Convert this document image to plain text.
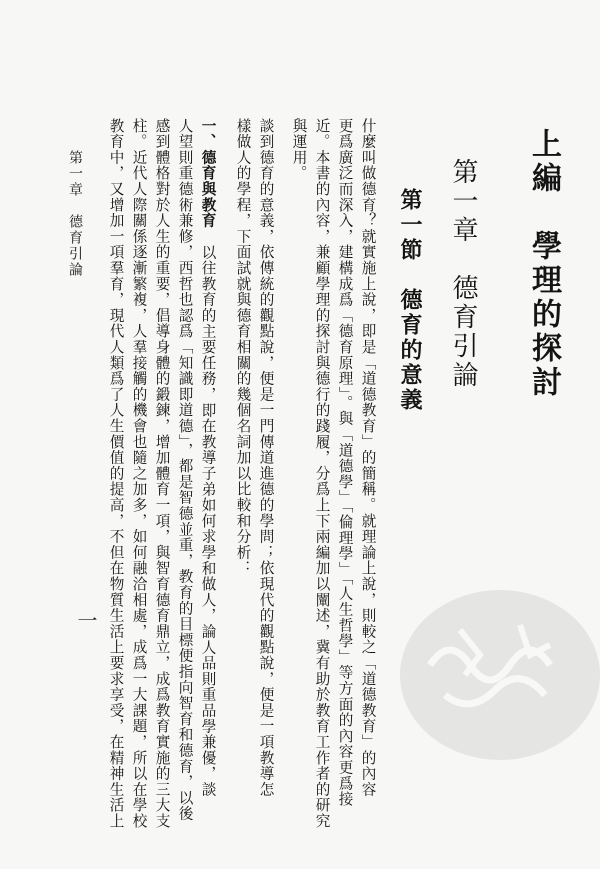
上編　學理的探討
第一章　德育引論
第一節　德育的意義
什麼叫做德育？就實施上說，即是「道德教育」的簡稱。就理論上說，則較之「道德教育」的內容
更爲廣泛而深入，建構成爲「德育原理」。與「道德學」「倫理學」「人生哲學」等方面的內容更爲接
近。本書的內容，兼顧學理的探討與德行的踐履，分爲上下兩編加以闡述，冀有助於教育工作者的研究
與運用。
談到德育的意義，依傳統的觀點說，便是一門傳道進德的學問；依現代的觀點說，便是一項教導怎
樣做人的學程，下面試就與德育相關的幾個名詞加以比較和分析：
一、德育與教育　以往教育的主要任務，即在教導子弟如何求學和做人，論人品則重品學兼優，談
人望則重德術兼修，西哲也認爲「知識即道德」，都是智德並重，教育的目標便指向智育和德育，以後
感到體格對於人生的重要，倡導身體的鍛鍊，增加體育一項，與智育德育鼎立，成爲教育實施的三大支
柱。近代人際關係逐漸繁複，人羣接觸的機會也隨之加多，如何融洽相處，成爲一大課題，所以在學校
教育中，又增加一項羣育，現代人類爲了人生價值的提高，不但在物質生活上要求享受，在精神生活上
第一章　德育引論
一
